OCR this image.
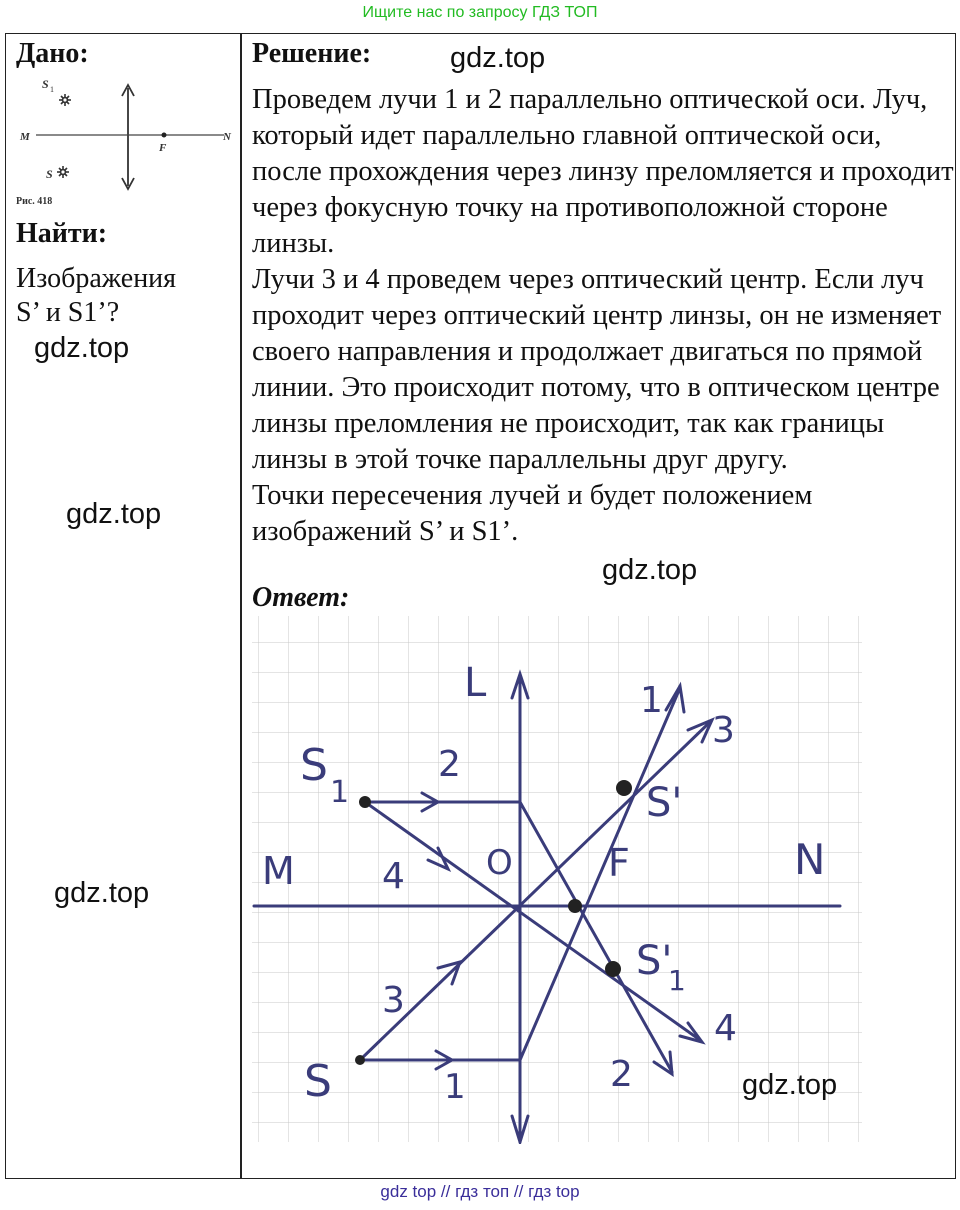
Ищите нас по запросу ГДЗ ТОП
Дано:
S 1
M	N
F
S
Рис. 418
Найти:
Изображения
S’ и S1’?
Решение:

Проведем лучи 1 и 2 параллельно оптической оси. Луч, который идет параллельно главной оптической оси, после прохождения через линзу преломляется и проходит через фокусную точку на противоположной стороне линзы.

Лучи 3 и 4 проведем через оптический центр. Если луч проходит через оптический центр линзы, он не изменяет своего направления и продолжает двигаться по прямой линии. Это происходит потому, что в оптическом центре линзы преломления не происходит, так как границы линзы в этой точке параллельны друг другу.

Точки пересечения лучей и будет положением изображений S’ и S1’.

Ответ:
L
M	N
O	F
S
1
S
S'
S'
1
2
4
3
1
1
3
4
2
gdz.top
gdz.top
gdz.top
gdz.top
gdz.top
gdz.top
gdz top // гдз топ // гдз top
